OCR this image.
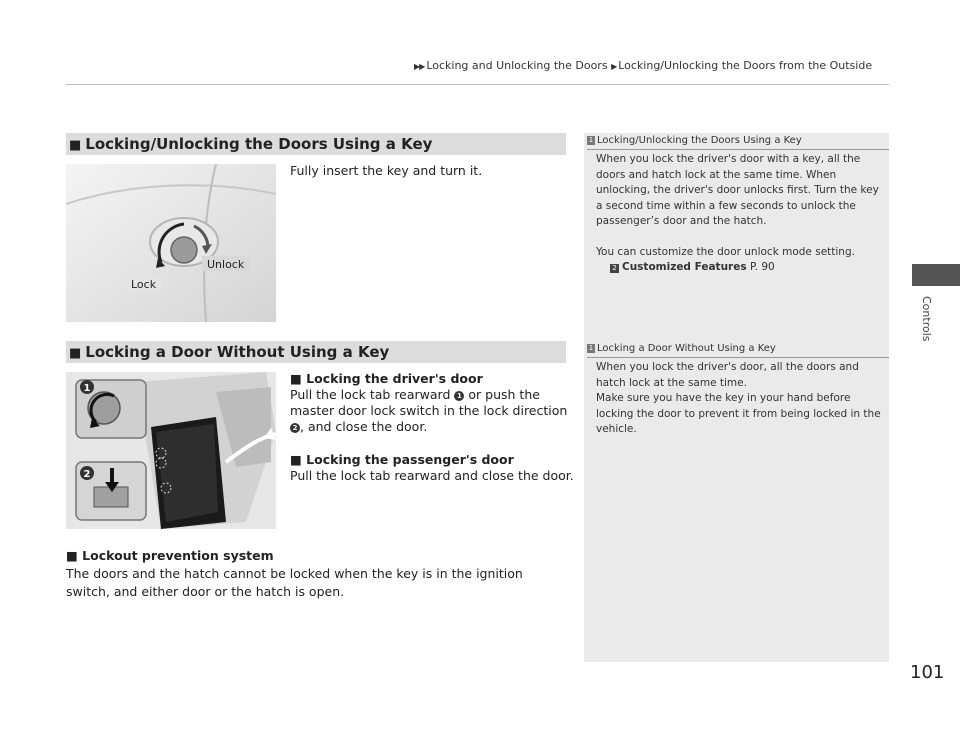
▶▶ Locking and Unlocking the Doors ▶ Locking/Unlocking the Doors from the Outside
Controls
■ Locking/Unlocking the Doors Using a Key
Unlock
Lock
Fully insert the key and turn it.
1 Locking/Unlocking the Doors Using a Key
When you lock the driver's door with a key, all the doors and hatch lock at the same time. When unlocking, the driver's door unlocks first. Turn the key a second time within a few seconds to unlock the passenger’s door and the hatch.
You can customize the door unlock mode setting.
2 Customized Features P. 90
■ Locking a Door Without Using a Key
1
2
■ Locking the driver's door
Pull the lock tab rearward 1 or push the master door lock switch in the lock direction
2 , and close the door.
■ Locking the passenger's door
Pull the lock tab rearward and close the door.
1 Locking a Door Without Using a Key
When you lock the driver's door, all the doors and hatch lock at the same time.
Make sure you have the key in your hand before locking the door to prevent it from being locked in the vehicle.
■ Lockout prevention system
The doors and the hatch cannot be locked when the key is in the ignition switch, and either door or the hatch is open.
101
